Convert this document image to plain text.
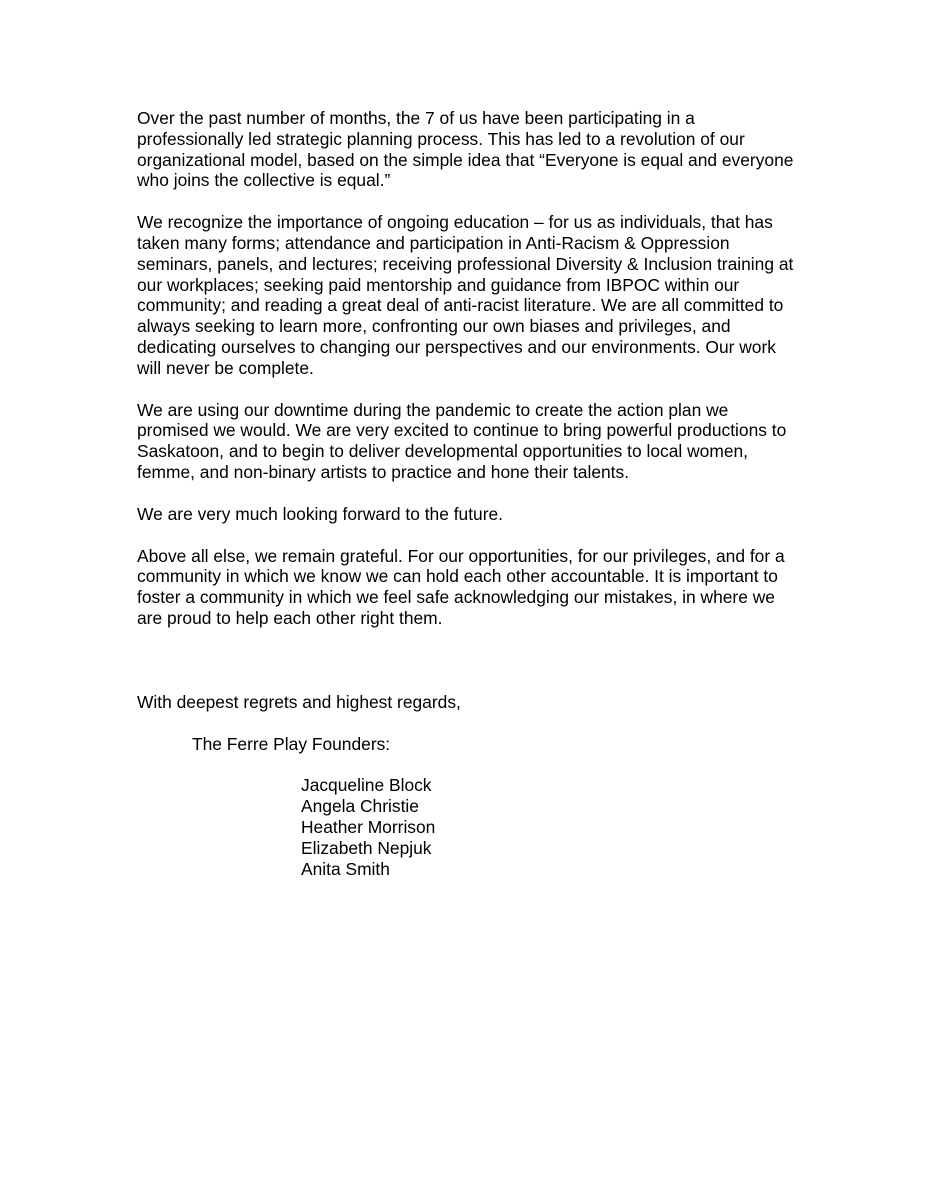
Over the past number of months, the 7 of us have been participating in a professionally led strategic planning process. This has led to a revolution of our organizational model, based on the simple idea that “Everyone is equal and everyone who joins the collective is equal.”

We recognize the importance of ongoing education – for us as individuals, that has taken many forms; attendance and participation in Anti-Racism & Oppression seminars, panels, and lectures; receiving professional Diversity & Inclusion training at our workplaces; seeking paid mentorship and guidance from IBPOC within our community; and reading a great deal of anti-racist literature. We are all committed to always seeking to learn more, confronting our own biases and privileges, and dedicating ourselves to changing our perspectives and our environments. Our work will never be complete.

We are using our downtime during the pandemic to create the action plan we promised we would. We are very excited to continue to bring powerful productions to Saskatoon, and to begin to deliver developmental opportunities to local women, femme, and non-binary artists to practice and hone their talents.

We are very much looking forward to the future.

Above all else, we remain grateful. For our opportunities, for our privileges, and for a community in which we know we can hold each other accountable. It is important to foster a community in which we feel safe acknowledging our mistakes, in where we are proud to help each other right them.

With deepest regrets and highest regards,

The Ferre Play Founders:

Jacqueline Block
Angela Christie
Heather Morrison
Elizabeth Nepjuk
Anita Smith
